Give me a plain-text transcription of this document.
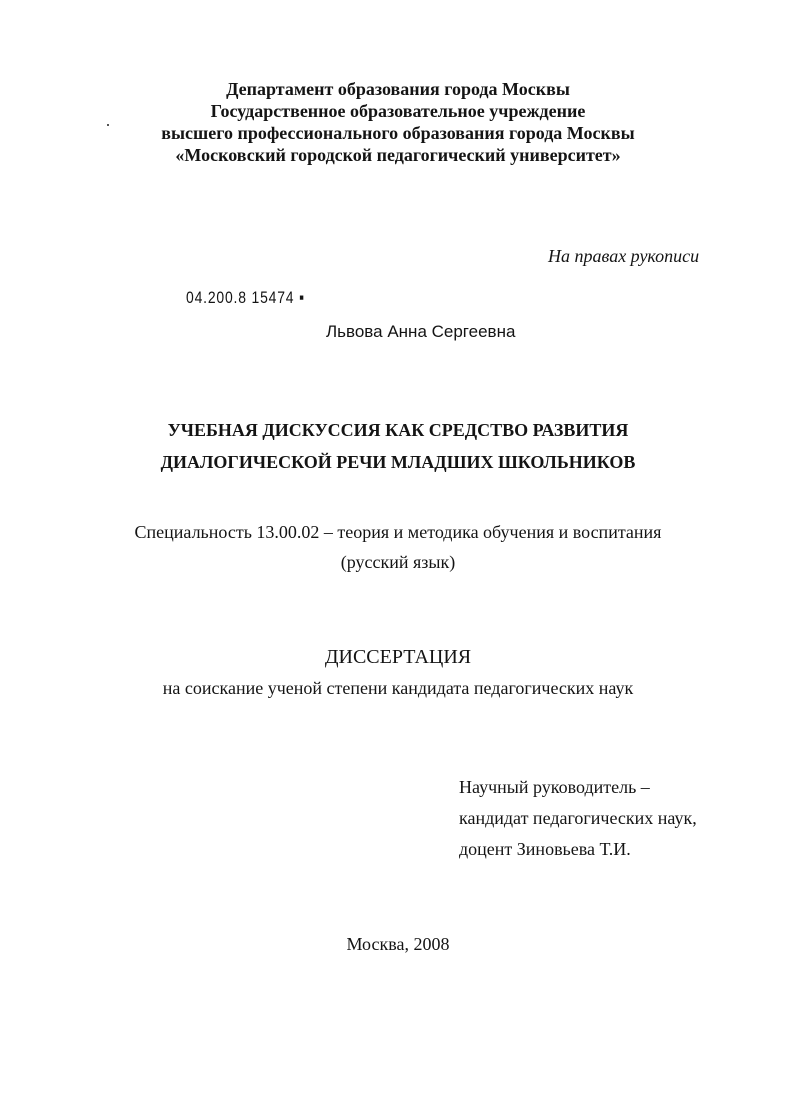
Департамент образования города Москвы
Государственное образовательное учреждение
высшего профессионального образования города Москвы
«Московский городской педагогический университет»
На правах рукописи
04.200.8 15474 ▪
Львова Анна Сергеевна
УЧЕБНАЯ ДИСКУССИЯ КАК СРЕДСТВО РАЗВИТИЯ
ДИАЛОГИЧЕСКОЙ РЕЧИ МЛАДШИХ ШКОЛЬНИКОВ
Специальность 13.00.02 – теория и методика обучения и воспитания
(русский язык)
ДИССЕРТАЦИЯ
на соискание ученой степени кандидата педагогических наук
Научный руководитель –
кандидат педагогических наук,
доцент Зиновьева Т.И.
Москва, 2008
